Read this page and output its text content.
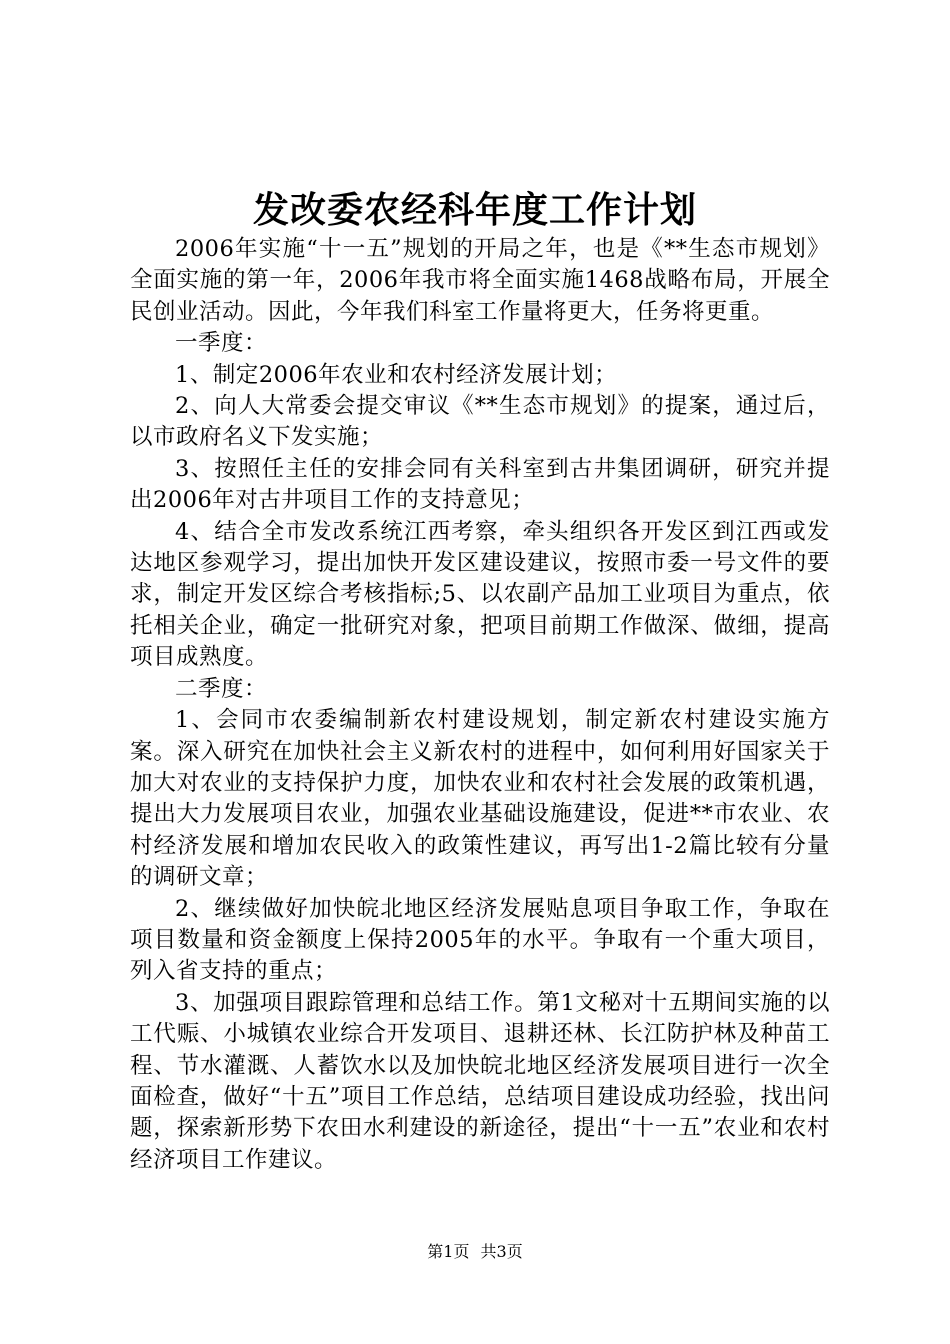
发改委农经科年度工作计划

2006年实施“十一五”规划的开局之年，也是《**生态市规划》全面实施的第一年，2006年我市将全面实施1468战略布局，开展全民创业活动。因此，今年我们科室工作量将更大，任务将更重。

一季度：

1、制定2006年农业和农村经济发展计划；

2、向人大常委会提交审议《**生态市规划》的提案，通过后，以市政府名义下发实施；

3、按照任主任的安排会同有关科室到古井集团调研，研究并提出2006年对古井项目工作的支持意见；

4、结合全市发改系统江西考察，牵头组织各开发区到江西或发达地区参观学习，提出加快开发区建设建议，按照市委一号文件的要求，制定开发区综合考核指标;5、以农副产品加工业项目为重点，依托相关企业，确定一批研究对象，把项目前期工作做深、做细，提高项目成熟度。

二季度：

1、会同市农委编制新农村建设规划，制定新农村建设实施方案。深入研究在加快社会主义新农村的进程中，如何利用好国家关于加大对农业的支持保护力度，加快农业和农村社会发展的政策机遇，提出大力发展项目农业，加强农业基础设施建设，促进**市农业、农村经济发展和增加农民收入的政策性建议，再写出1-2篇比较有分量的调研文章；

2、继续做好加快皖北地区经济发展贴息项目争取工作，争取在项目数量和资金额度上保持2005年的水平。争取有一个重大项目，列入省支持的重点；

3、加强项目跟踪管理和总结工作。第1文秘对十五期间实施的以工代赈、小城镇农业综合开发项目、退耕还林、长江防护林及种苗工程、节水灌溉、人蓄饮水以及加快皖北地区经济发展项目进行一次全面检查，做好“十五”项目工作总结，总结项目建设成功经验，找出问题，探索新形势下农田水利建设的新途径，提出“十一五”农业和农村经济项目工作建议。

第1页 共3页
